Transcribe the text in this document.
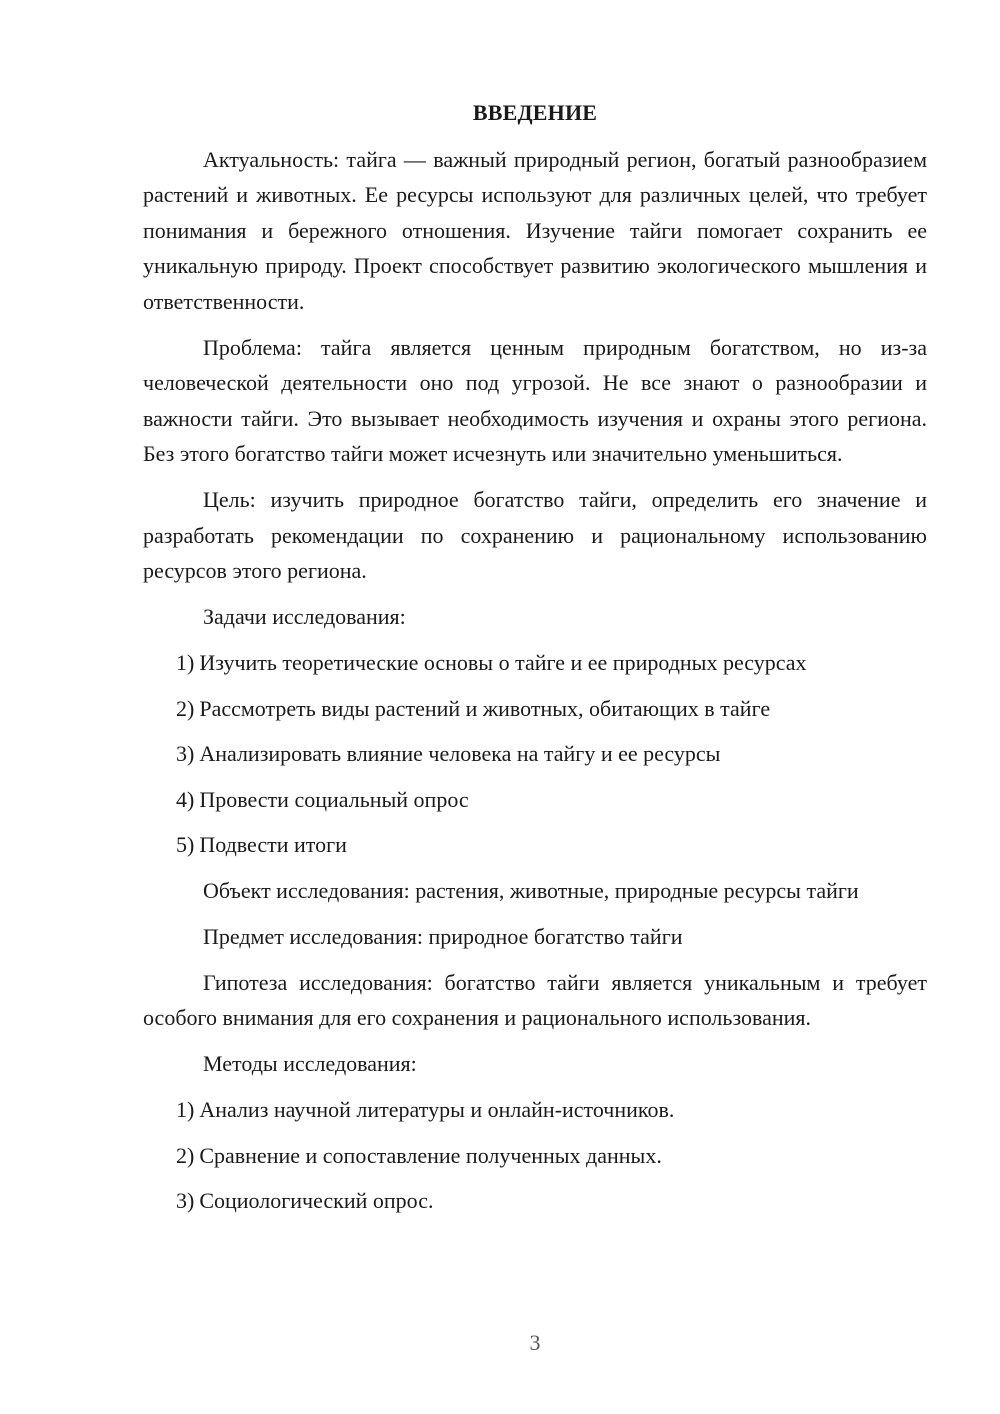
ВВЕДЕНИЕ

Актуальность: тайга — важный природный регион, богатый разнообразием растений и животных. Ее ресурсы используют для различных целей, что требует понимания и бережного отношения. Изучение тайги помогает сохранить ее уникальную природу. Проект способствует развитию экологического мышления и ответственности.

Проблема: тайга является ценным природным богатством, но из-за человеческой деятельности оно под угрозой. Не все знают о разнообразии и важности тайги. Это вызывает необходимость изучения и охраны этого региона. Без этого богатство тайги может исчезнуть или значительно уменьшиться.

Цель: изучить природное богатство тайги, определить его значение и разработать рекомендации по сохранению и рациональному использованию ресурсов этого региона.

Задачи исследования:
1) Изучить теоретические основы о тайге и ее природных ресурсах
2) Рассмотреть виды растений и животных, обитающих в тайге
3) Анализировать влияние человека на тайгу и ее ресурсы
4) Провести социальный опрос
5) Подвести итоги

Объект исследования: растения, животные, природные ресурсы тайги

Предмет исследования: природное богатство тайги

Гипотеза исследования: богатство тайги является уникальным и требует особого внимания для его сохранения и рационального использования.

Методы исследования:
1) Анализ научной литературы и онлайн-источников.
2) Сравнение и сопоставление полученных данных.
3) Социологический опрос.
3
